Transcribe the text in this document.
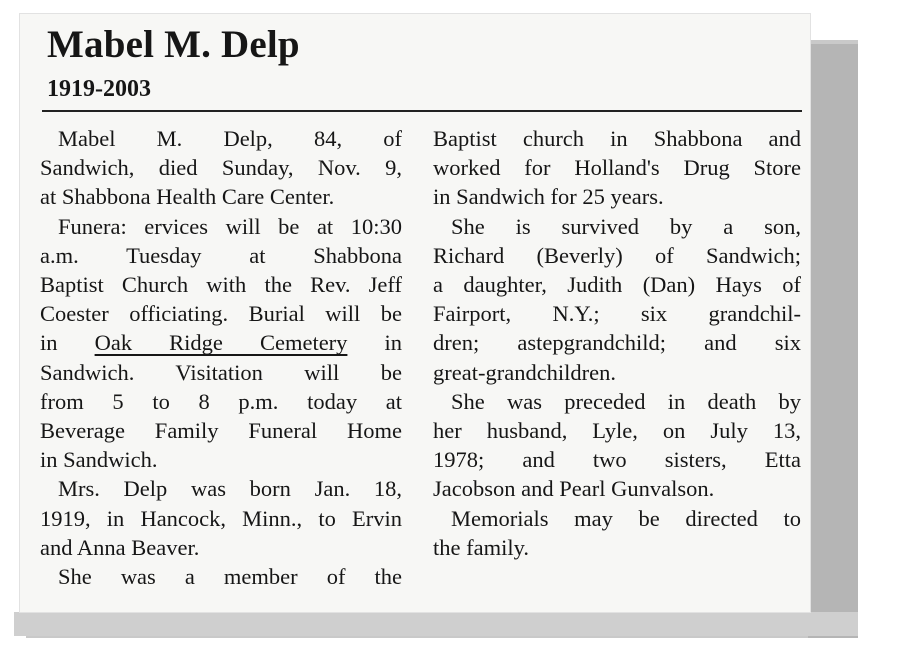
Mabel M. Delp
1919-2003
Mabel M. Delp, 84, of
Sandwich, died Sunday, Nov. 9,
at Shabbona Health Care Center.
Funera: ervices will be at 10:30
a.m. Tuesday at Shabbona
Baptist Church with the Rev. Jeff
Coester officiating. Burial will be
in Oak Ridge Cemetery in
Sandwich. Visitation will be
from 5 to 8 p.m. today at
Beverage Family Funeral Home
in Sandwich.
Mrs. Delp was born Jan. 18,
1919, in Hancock, Minn., to Ervin
and Anna Beaver.
She was a member of the
Baptist church in Shabbona and
worked for Holland's Drug Store
in Sandwich for 25 years.
She is survived by a son,
Richard (Beverly) of Sandwich;
a daughter, Judith (Dan) Hays of
Fairport, N.Y.; six grandchil-
dren; astepgrandchild; and six
great-grandchildren.
She was preceded in death by
her husband, Lyle, on July 13,
1978; and two sisters, Etta
Jacobson and Pearl Gunvalson.
Memorials may be directed to
the family.
